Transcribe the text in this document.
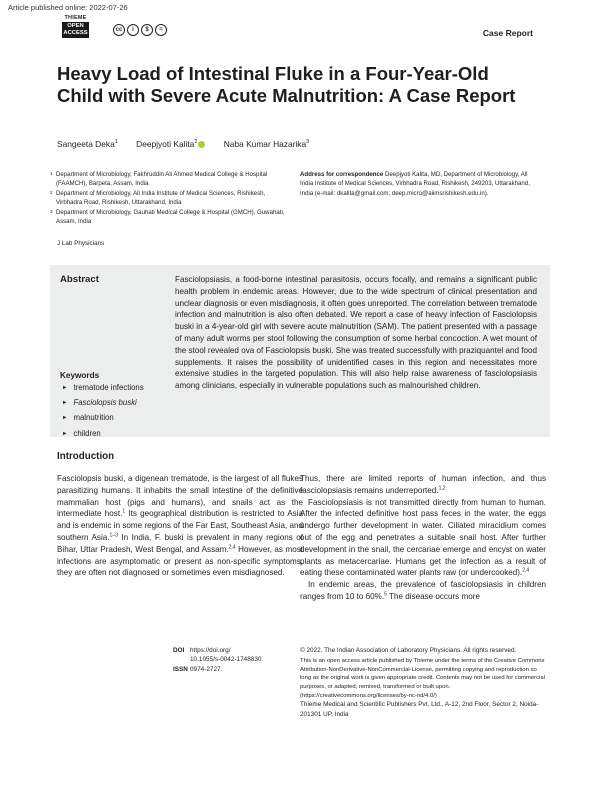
Article published online: 2022-07-26
THIEME
OPEN
ACCESS	cc	i	$	=	Case Report
Heavy Load of Intestinal Fluke in a Four-Year-Old Child with Severe Acute Malnutrition: A Case Report
Sangeeta Deka$^1$ Deepjyoti Kalita$^2$	Naba Kumar Hazarika$^3$
1 Department of Microbiology, Fakhruddin Ali Ahmed Medical College & Hospital (FAAMCH), Barpeta, Assam, India
2 Department of Microbiology, All India Institute of Medical Sciences, Rishikesh, Virbhadra Road, Rishikesh, Uttarakhand, India
3 Department of Microbiology, Gauhati Medical College & Hospital (GMCH), Guwahati, Assam, India
Address for correspondence Deepjyoti Kalita, MD, Department of Microbiology, All India Institute of Medical Sciences, Virbhadra Road, Rishikesh, 249203, Uttarakhand, India (e-mail: dkalita@gmail.com; deep.micro@aiimsrishikesh.edu.in).
J Lab Physicians
Abstract	Fasciolopsiasis, a food-borne intestinal parasitosis, occurs focally, and remains a significant public health problem in endemic areas. However, due to the wide spectrum of clinical presentation and unclear diagnosis or even misdiagnosis, it often goes unreported. The correlation between trematode infection and malnutrition is also often debated. We report a case of heavy infection of Fasciolopsis buski in a 4-year-old girl with severe acute malnutrition (SAM). The patient presented with a passage of many adult worms per stool following the consumption of some herbal concoction. A wet mount of the stool revealed ova of Fasciolopsis buski. She was treated successfully with praziquantel and food supplements. It raises the possibility of unidentified cases in this region and necessitates more extensive studies in the targeted population. This will also help raise awareness of fasciolopsiasis among clinicians, especially in vulnerable populations such as malnourished children.
Keywords
► trematode infections
► Fasciolopsis buski
► malnutrition
► children
Introduction

Fasciolopsis buski, a digenean trematode, is the largest of all flukes parasitizing humans. It inhabits the small intestine of the definitive mammalian host (pigs and humans), and snails act as the intermediate host.$^1$ Its geographical distribution is restricted to Asia and is endemic in some regions of the Far East, Southeast Asia, and southern Asia.$^{1-3}$ In India, F. buski is prevalent in many regions of Bihar, Uttar Pradesh, West Bengal, and Assam.$^{2,4}$ However, as most infections are asymptomatic or present as non-specific symptoms, they are often not diagnosed or sometimes even misdiagnosed.

Thus, there are limited reports of human infection, and thus fasciolopsiasis remains underreported.$^{1,2}$

Fasciolopsiasis is not transmitted directly from human to human. After the infected definitive host pass feces in the water, the eggs undergo further development in water. Ciliated miracidium comes out of the egg and penetrates a suitable snail host. After further development in the snail, the cercariae emerge and encyst on water plants as metacercariae. Humans get the infection as a result of eating these contaminated water plants raw (or undercooked).$^{2,4}$

In endemic areas, the prevalence of fasciolopsiasis in children ranges from 10 to 60%.$^5$ The disease occurs more

DOI https://doi.org/
10.1055/s-0042-1748830.
ISSN 0974-2727.
© 2022. The Indian Association of Laboratory Physicians. All rights reserved.
This is an open access article published by Thieme under the terms of the Creative Commons Attribution-NonDerivative-NonCommercial-License, permitting copying and reproduction so long as the original work is given appropriate credit. Contents may not be used for commercial purposes, or adapted, remixed, transformed or built upon. (https://creativecommons.org/licenses/by-nc-nd/4.0/)
Thieme Medical and Scientific Publishers Pvt. Ltd., A-12, 2nd Floor, Sector 2, Noida-201301 UP, India
